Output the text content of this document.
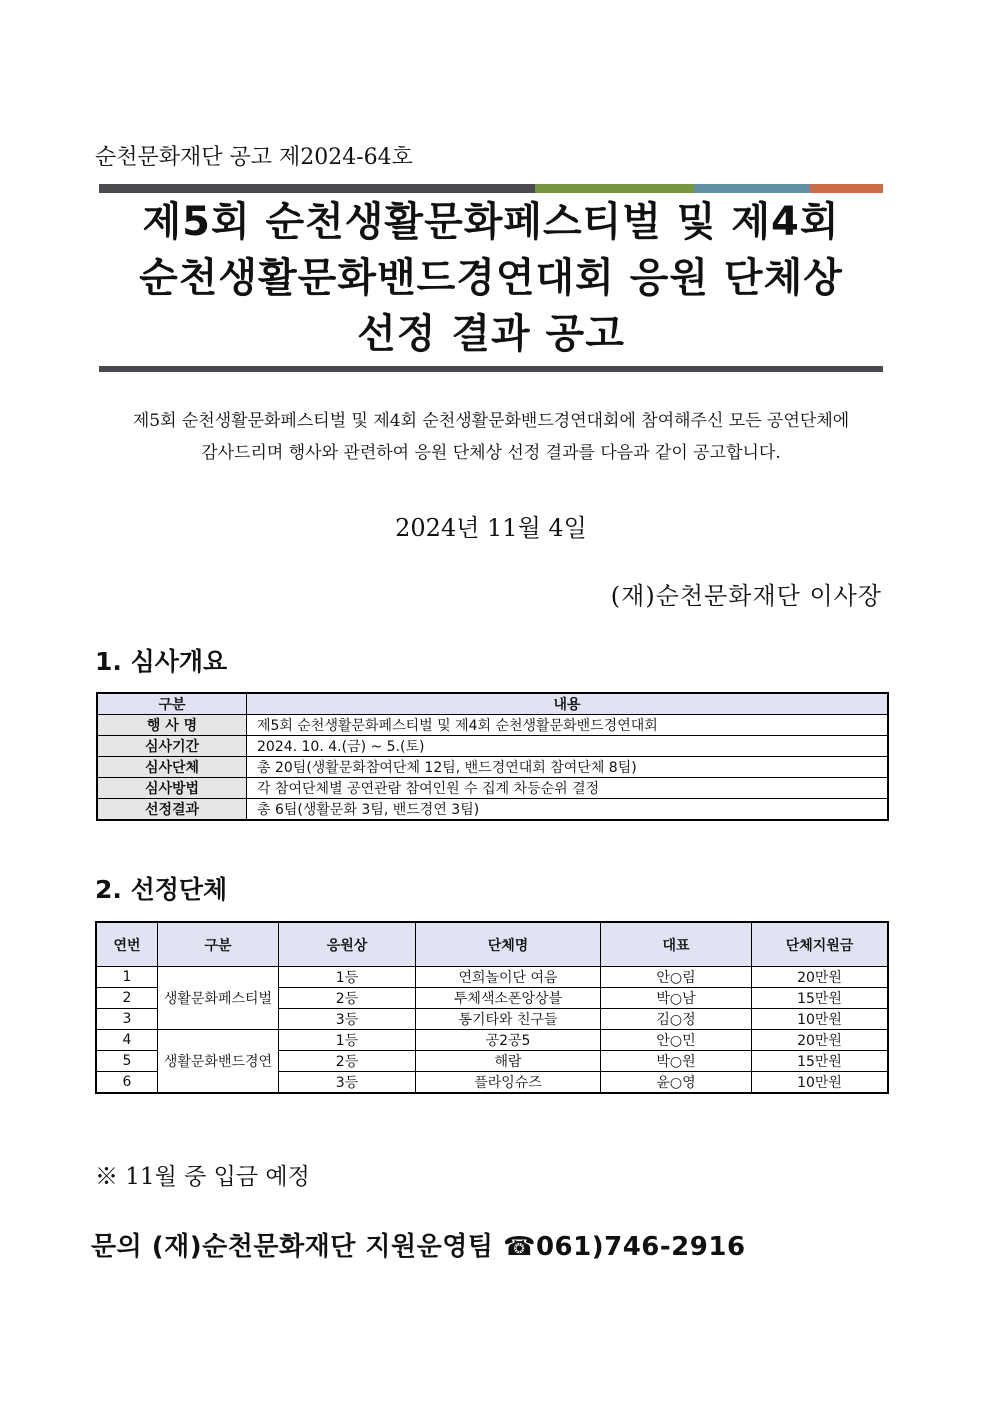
순천문화재단 공고 제2024-64호
제5회 순천생활문화페스티벌 및 제4회
순천생활문화밴드경연대회 응원 단체상
선정 결과 공고
제5회 순천생활문화페스티벌 및 제4회 순천생활문화밴드경연대회에 참여해주신 모든 공연단체에
감사드리며 행사와 관련하여 응원 단체상 선정 결과를 다음과 같이 공고합니다.
2024년 11월 4일
(재)순천문화재단 이사장
1. 심사개요
구분	내용
행 사 명	제5회 순천생활문화페스티벌 및 제4회 순천생활문화밴드경연대회
심사기간	2024. 10. 4.(금) ~ 5.(토)
심사단체	총 20팀(생활문화참여단체 12팀, 밴드경연대회 참여단체 8팀)
심사방법	각 참여단체별 공연관람 참여인원 수 집계 차등순위 결정
선정결과	총 6팀(생활문화 3팀, 밴드경연 3팀)
2. 선정단체
연번	구분	응원상	단체명	대표	단체지원금
1	생활문화페스티벌	1등	연희놀이단 여음	안○림	20만원
2		2등	투체색소폰앙상블	박○남	15만원
3		3등	통기타와 친구들	김○정	10만원
4	생활문화밴드경연	1등	공2공5	안○민	20만원
5		2등	해람	박○원	15만원
6		3등	플라잉슈즈	윤○영	10만원
※ 11월 중 입금 예정
문의 (재)순천문화재단 지원운영팀 ☎061)746-2916
